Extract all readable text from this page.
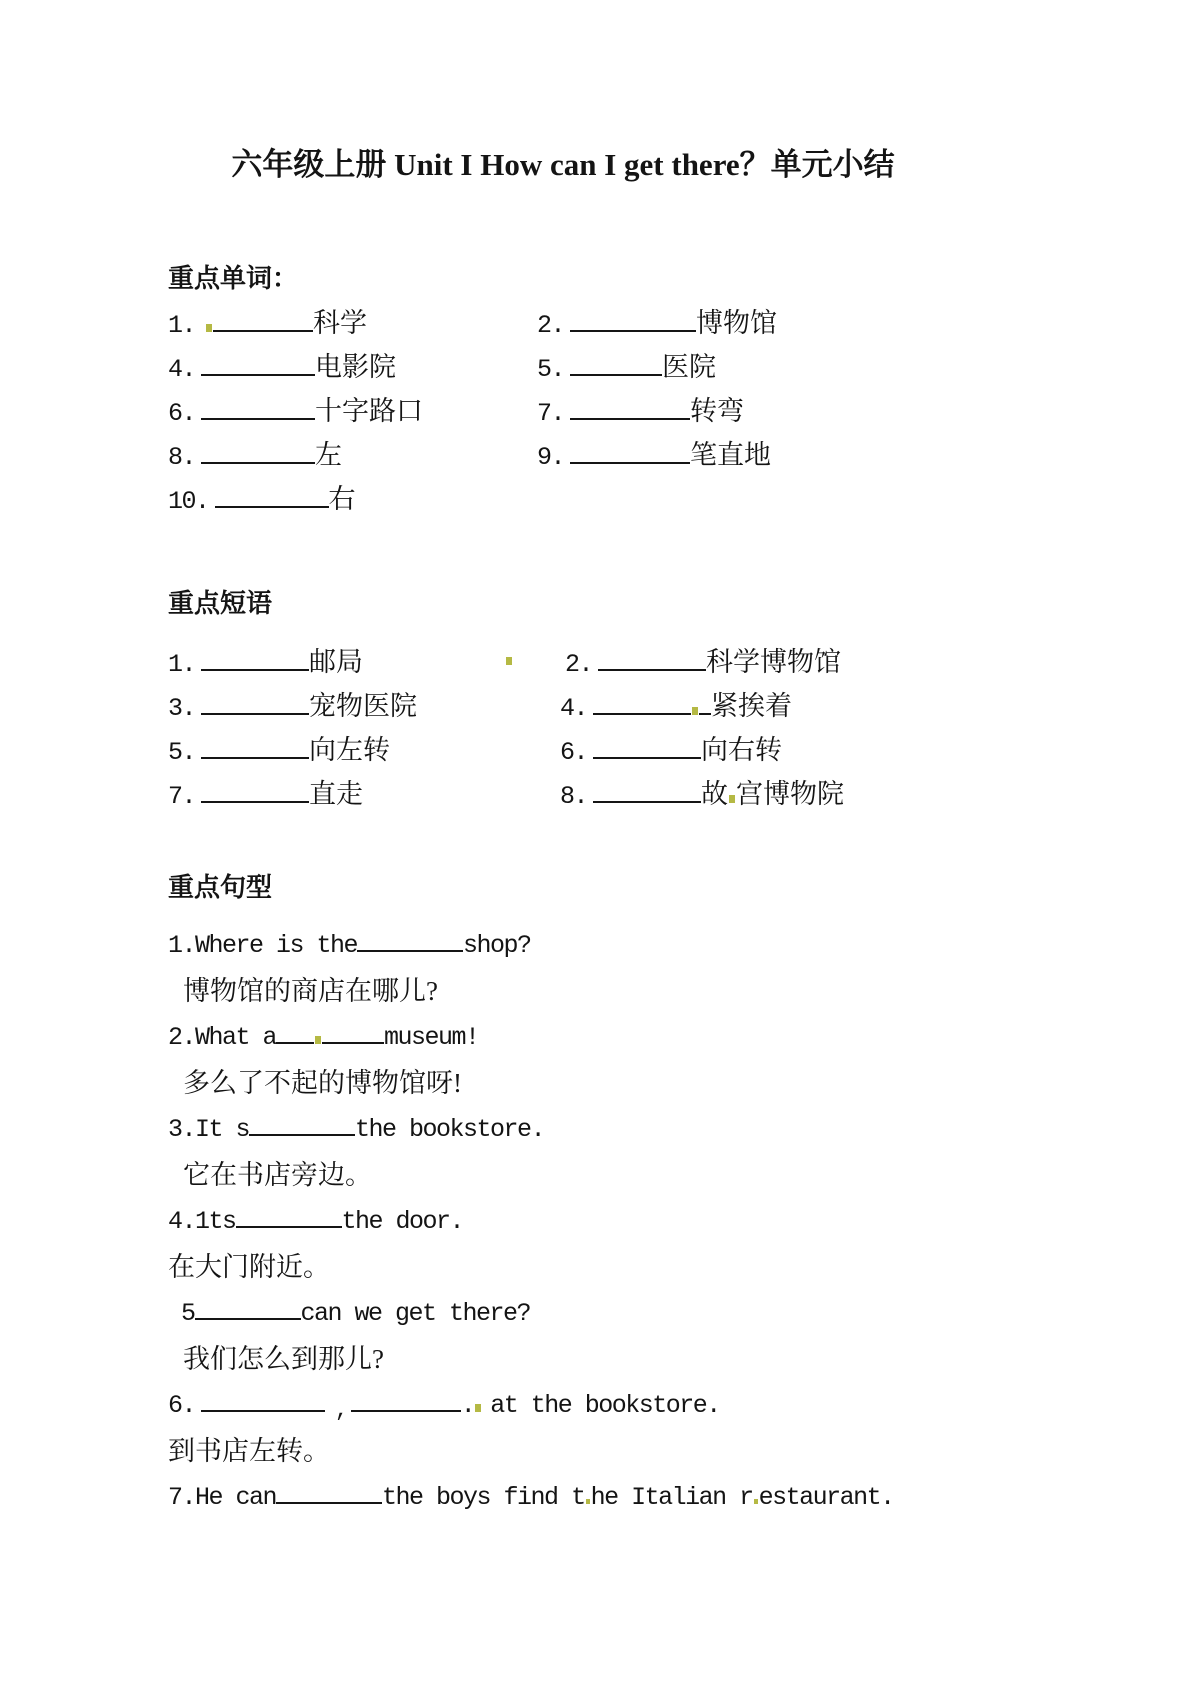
六年级上册 Unit I How can I get there？单元小结
重点单词：
1.	科学	2.	博物馆
4.	电影院	5.	医院
6.	十字路口	7.	转弯
8.	左	9.	笔直地
10.	右
重点短语
1.	邮局	2.	科学博物馆
3.	宠物医院	4.	紧挨着
5.	向左转	6.	向右转
7.	直走	8.	故 宫博物院
重点句型
1.Where is the	shop?
博物馆的商店在哪儿?
2.What a	museum!
多么了不起的博物馆呀!
3.It s	the bookstore.
它在书店旁边。
4.1ts	the door.
在大门附近。
5	can we get there?
我们怎么到那儿?
6.	,	. at the bookstore.
到书店左转。
7.He can	the boys find t he Italian r estaurant.
